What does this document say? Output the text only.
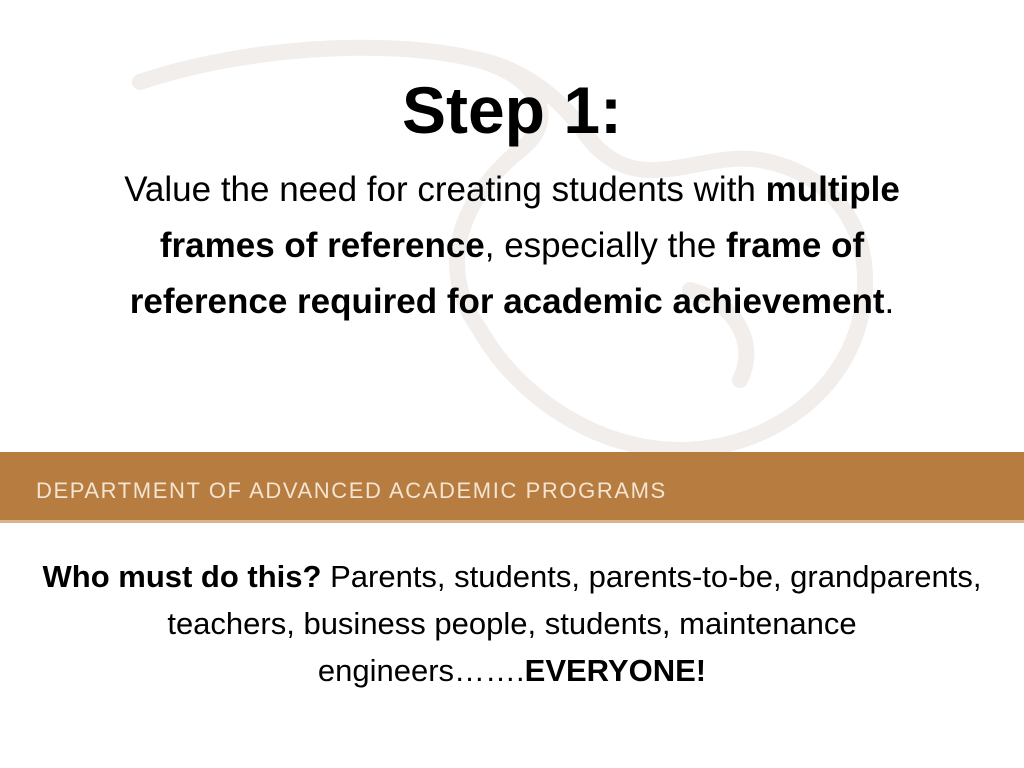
Step 1:

Value the need for creating students with multiple frames of reference, especially the frame of reference required for academic achievement.

DEPARTMENT OF ADVANCED ACADEMIC PROGRAMS

Who must do this? Parents, students, parents-to-be, grandparents, teachers, business people, students, maintenance engineers…….EVERYONE!
